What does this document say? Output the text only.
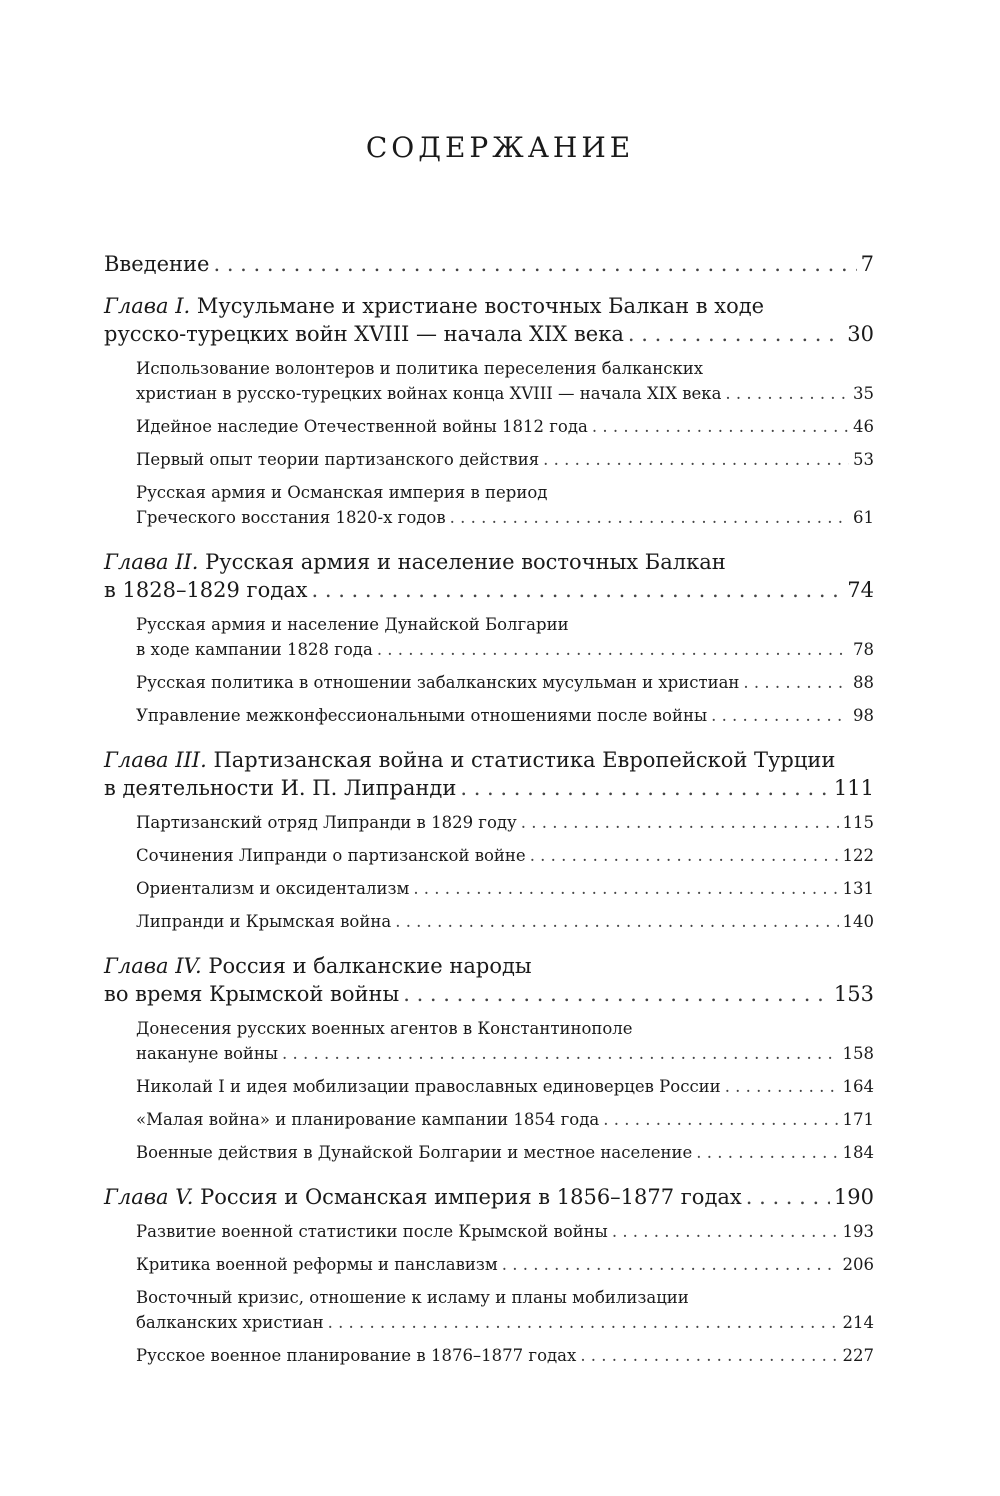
СОДЕРЖАНИЕ
Введение . . .	7
Глава I. Мусульмане и христиане восточных Балкан в ходе
русско-турецких войн XVIII — начала XIX века . . .	30
Использование волонтеров и политика переселения балканских
христиан в русско-турецких войнах конца XVIII — начала XIX века . . .	35
Идейное наследие Отечественной войны 1812 года . . .	46
Первый опыт теории партизанского действия . . .	53
Русская армия и Османская империя в период
Греческого восстания 1820-х годов . . .	61
Глава II. Русская армия и население восточных Балкан
в 1828–1829 годах . . .	74
Русская армия и население Дунайской Болгарии
в ходе кампании 1828 года . . .	78
Русская политика в отношении забалканских мусульман и христиан . . .	88
Управление межконфессиональными отношениями после войны . . .	98
Глава III. Партизанская война и статистика Европейской Турции
в деятельности И. П. Липранди . . .	111
Партизанский отряд Липранди в 1829 году . . .	115
Сочинения Липранди о партизанской войне . . .	122
Ориентализм и оксидентализм . . .	131
Липранди и Крымская война . . .	140
Глава IV. Россия и балканские народы
во время Крымской войны . . .	153
Донесения русских военных агентов в Константинополе
накануне войны . . .	158
Николай I и идея мобилизации православных единоверцев России . . .	164
«Малая война» и планирование кампании 1854 года . . .	171
Военные действия в Дунайской Болгарии и местное население . . .	184
Глава V. Россия и Османская империя в 1856–1877 годах . . .	190
Развитие военной статистики после Крымской войны . . .	193
Критика военной реформы и панславизм . . .	206
Восточный кризис, отношение к исламу и планы мобилизации
балканских христиан . . .	214
Русское военное планирование в 1876–1877 годах . . .	227
